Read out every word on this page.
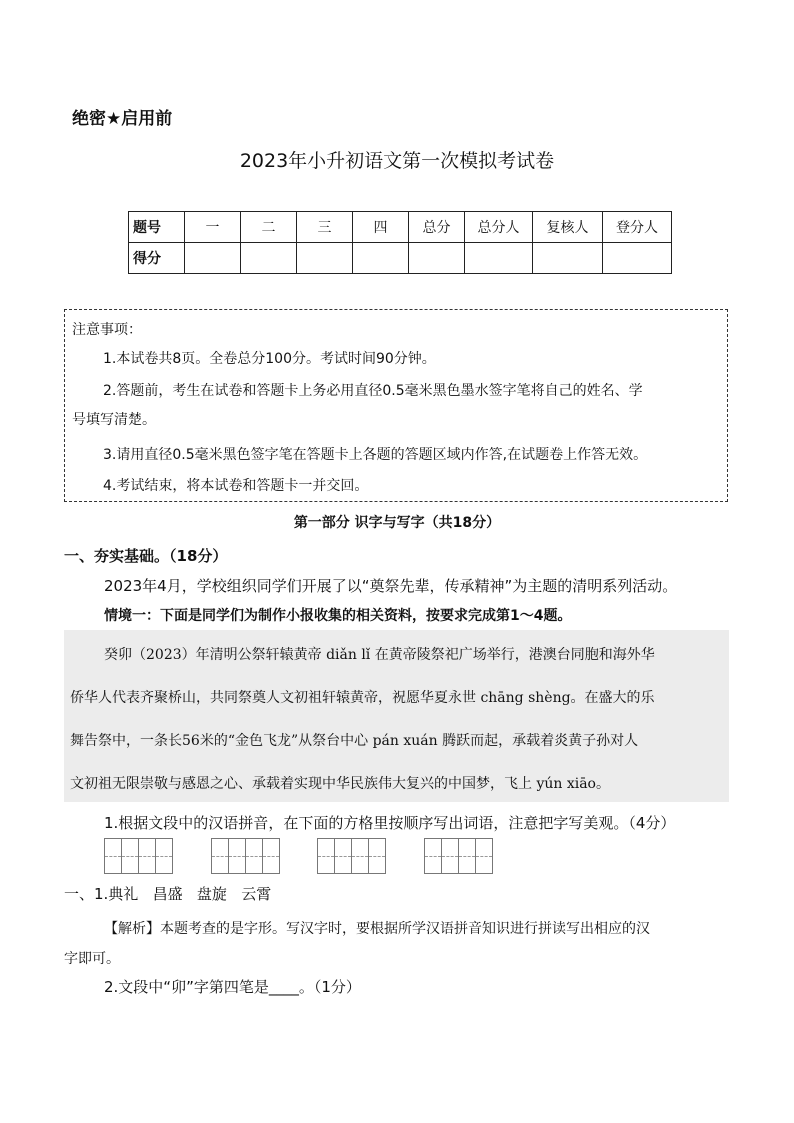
绝密★启用前
2023年小升初语文第一次模拟考试卷
题号	一	二	三	四	总分	总分人	复核人	登分人
得分								
注意事项：
1.本试卷共8页。全卷总分100分。考试时间90分钟。
2.答题前，考生在试卷和答题卡上务必用直径0.5毫米黑色墨水签字笔将自己的姓名、学
号填写清楚。
3.请用直径0.5毫米黑色签字笔在答题卡上各题的答题区域内作答,在试题卷上作答无效。
4.考试结束，将本试卷和答题卡一并交回。
第一部分 识字与写字（共18分）
一、夯实基础。（18分）
2023年4月，学校组织同学们开展了以“奠祭先辈，传承精神”为主题的清明系列活动。
情境一：下面是同学们为制作小报收集的相关资料，按要求完成第1～4题。
癸卯（2023）年清明公祭轩辕黄帝 diǎn lǐ 在黄帝陵祭祀广场举行，港澳台同胞和海外华
侨华人代表齐聚桥山，共同祭奠人文初祖轩辕黄帝，祝愿华夏永世 chāng shèng。在盛大的乐
舞告祭中，一条长56米的“金色飞龙”从祭台中心 pán xuán 腾跃而起，承载着炎黄子孙对人
文初祖无限崇敬与感恩之心、承载着实现中华民族伟大复兴的中国梦，飞上 yún xiāo。
1.根据文段中的汉语拼音，在下面的方格里按顺序写出词语，注意把字写美观。（4分）
一、1.典礼   昌盛   盘旋   云霄
【解析】本题考查的是字形。写汉字时，要根据所学汉语拼音知识进行拼读写出相应的汉
字即可。
2.文段中“卯”字第四笔是____。（1分）
